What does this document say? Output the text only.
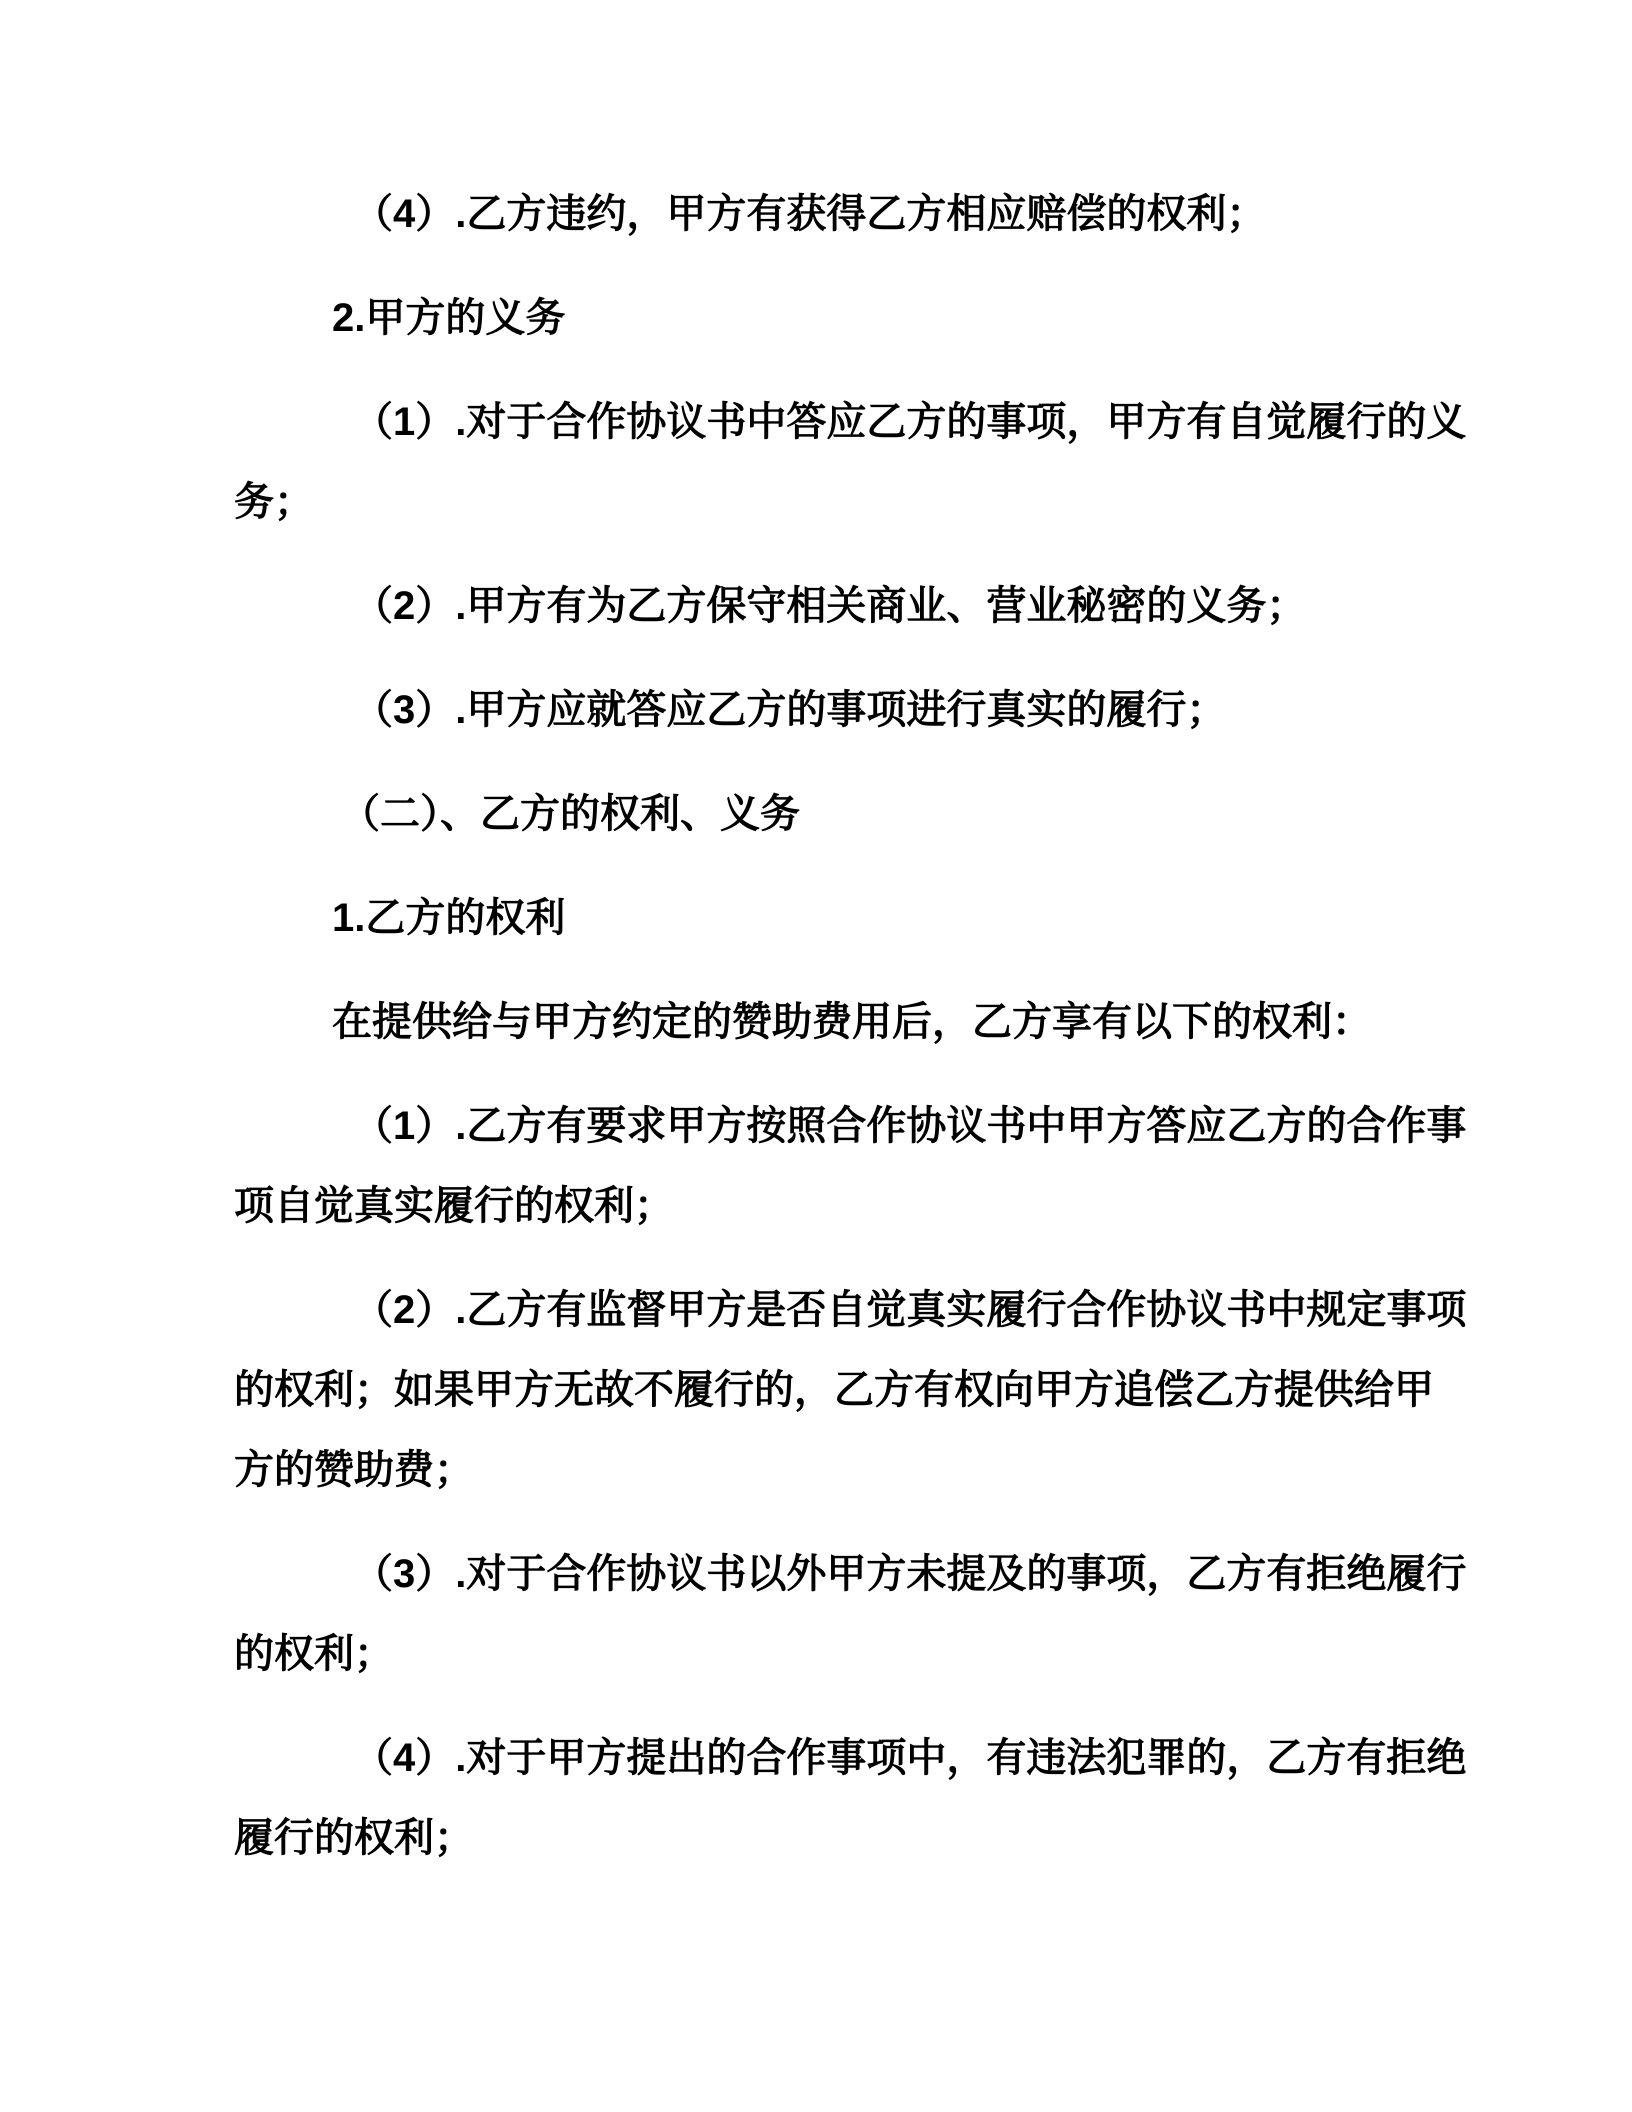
（4）.乙方违约，甲方有获得乙方相应赔偿的权利；

2.甲方的义务

（1）.对于合作协议书中答应乙方的事项，甲方有自觉履行的义
务；

（2）.甲方有为乙方保守相关商业、营业秘密的义务；

（3）.甲方应就答应乙方的事项进行真实的履行；

（二）、乙方的权利、义务

1.乙方的权利

在提供给与甲方约定的赞助费用后，乙方享有以下的权利：

（1）.乙方有要求甲方按照合作协议书中甲方答应乙方的合作事
项自觉真实履行的权利；

（2）.乙方有监督甲方是否自觉真实履行合作协议书中规定事项
的权利；如果甲方无故不履行的，乙方有权向甲方追偿乙方提供给甲
方的赞助费；

（3）.对于合作协议书以外甲方未提及的事项，乙方有拒绝履行
的权利；

（4）.对于甲方提出的合作事项中，有违法犯罪的，乙方有拒绝
履行的权利；
